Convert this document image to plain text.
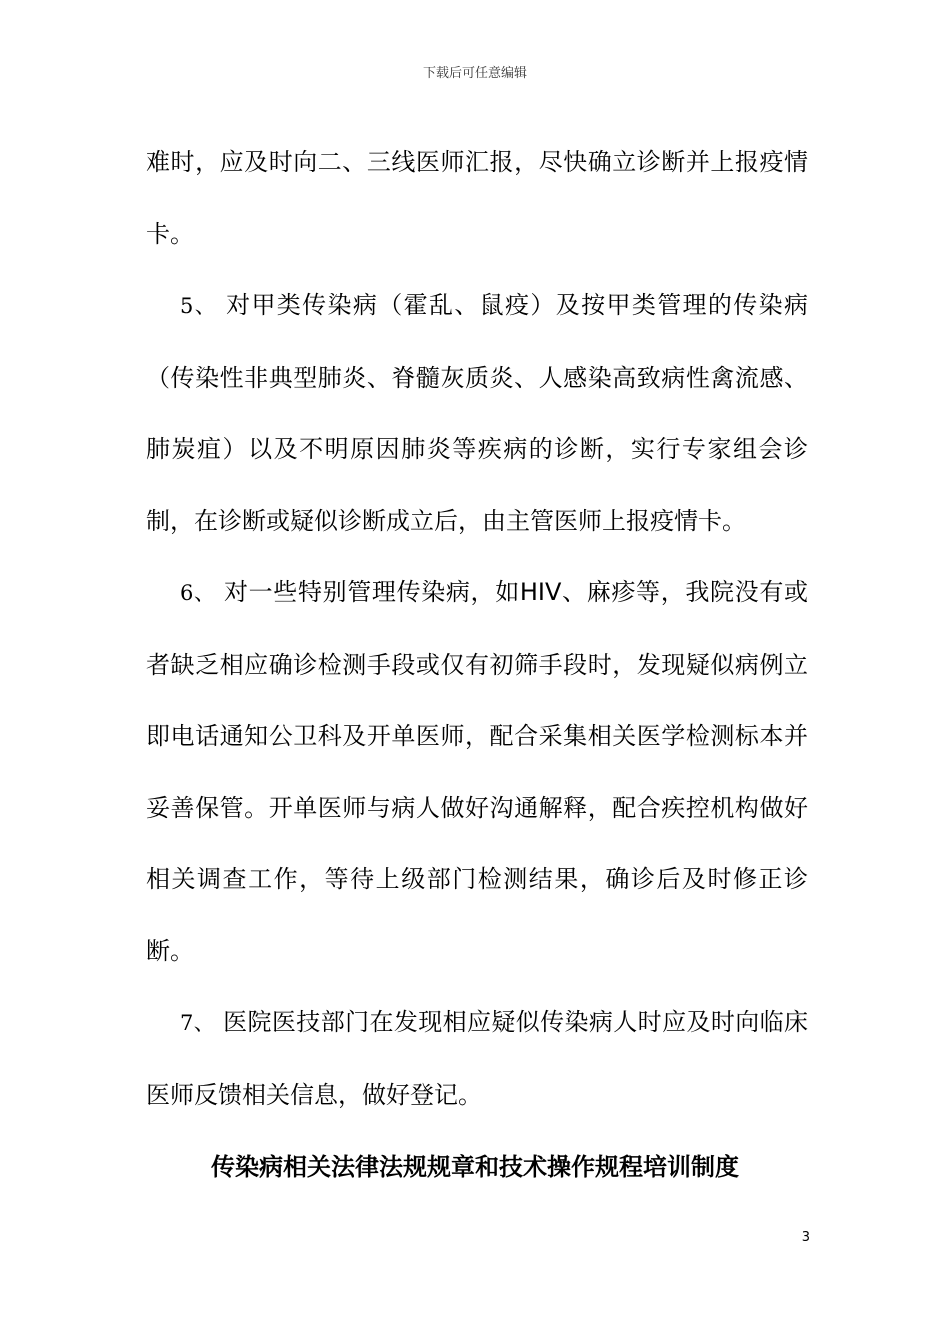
下载后可任意编辑

难时，应及时向二、三线医师汇报，尽快确立诊断并上报疫情卡。

5、 对甲类传染病（霍乱、鼠疫）及按甲类管理的传染病（传染性非典型肺炎、脊髓灰质炎、人感染高致病性禽流感、肺炭疽）以及不明原因肺炎等疾病的诊断，实行专家组会诊制，在诊断或疑似诊断成立后，由主管医师上报疫情卡。

6、 对一些特别管理传染病，如HIV、麻疹等，我院没有或者缺乏相应确诊检测手段或仅有初筛手段时，发现疑似病例立即电话通知公卫科及开单医师，配合采集相关医学检测标本并妥善保管。开单医师与病人做好沟通解释，配合疾控机构做好相关调查工作，等待上级部门检测结果，确诊后及时修正诊断。

7、 医院医技部门在发现相应疑似传染病人时应及时向临床医师反馈相关信息，做好登记。

传染病相关法律法规规章和技术操作规程培训制度
3
